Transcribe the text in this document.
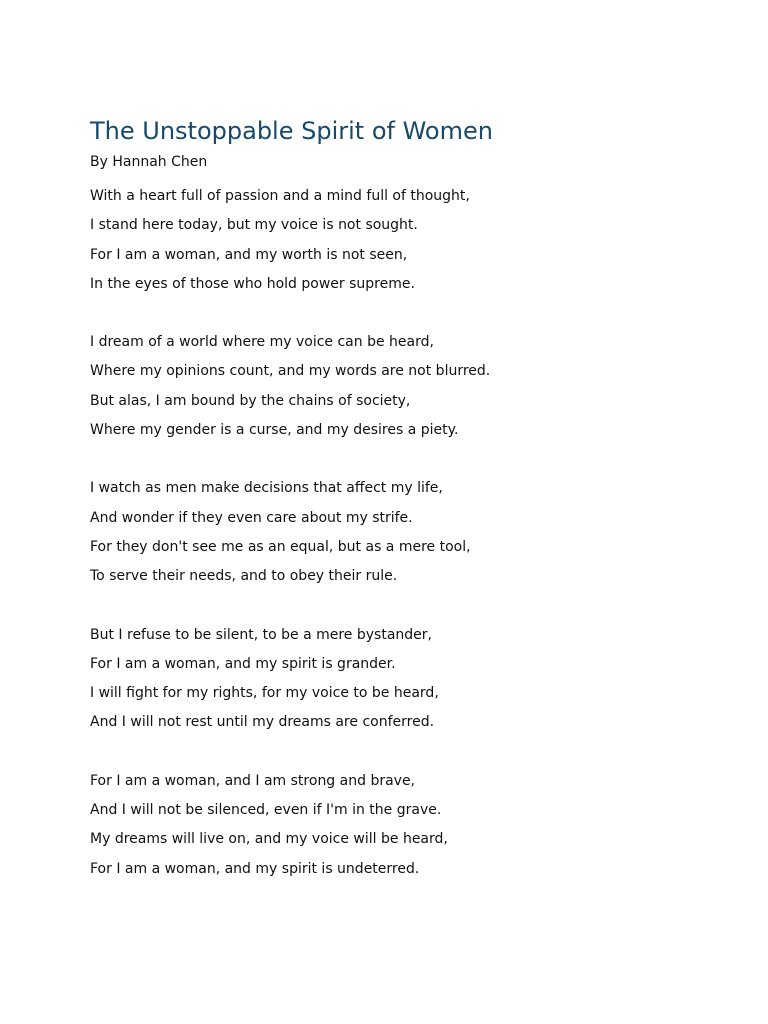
The Unstoppable Spirit of Women
By Hannah Chen
With a heart full of passion and a mind full of thought,
I stand here today, but my voice is not sought.
For I am a woman, and my worth is not seen,
In the eyes of those who hold power supreme.
I dream of a world where my voice can be heard,
Where my opinions count, and my words are not blurred.
But alas, I am bound by the chains of society,
Where my gender is a curse, and my desires a piety.
I watch as men make decisions that affect my life,
And wonder if they even care about my strife.
For they don't see me as an equal, but as a mere tool,
To serve their needs, and to obey their rule.
But I refuse to be silent, to be a mere bystander,
For I am a woman, and my spirit is grander.
I will fight for my rights, for my voice to be heard,
And I will not rest until my dreams are conferred.
For I am a woman, and I am strong and brave,
And I will not be silenced, even if I'm in the grave.
My dreams will live on, and my voice will be heard,
For I am a woman, and my spirit is undeterred.
